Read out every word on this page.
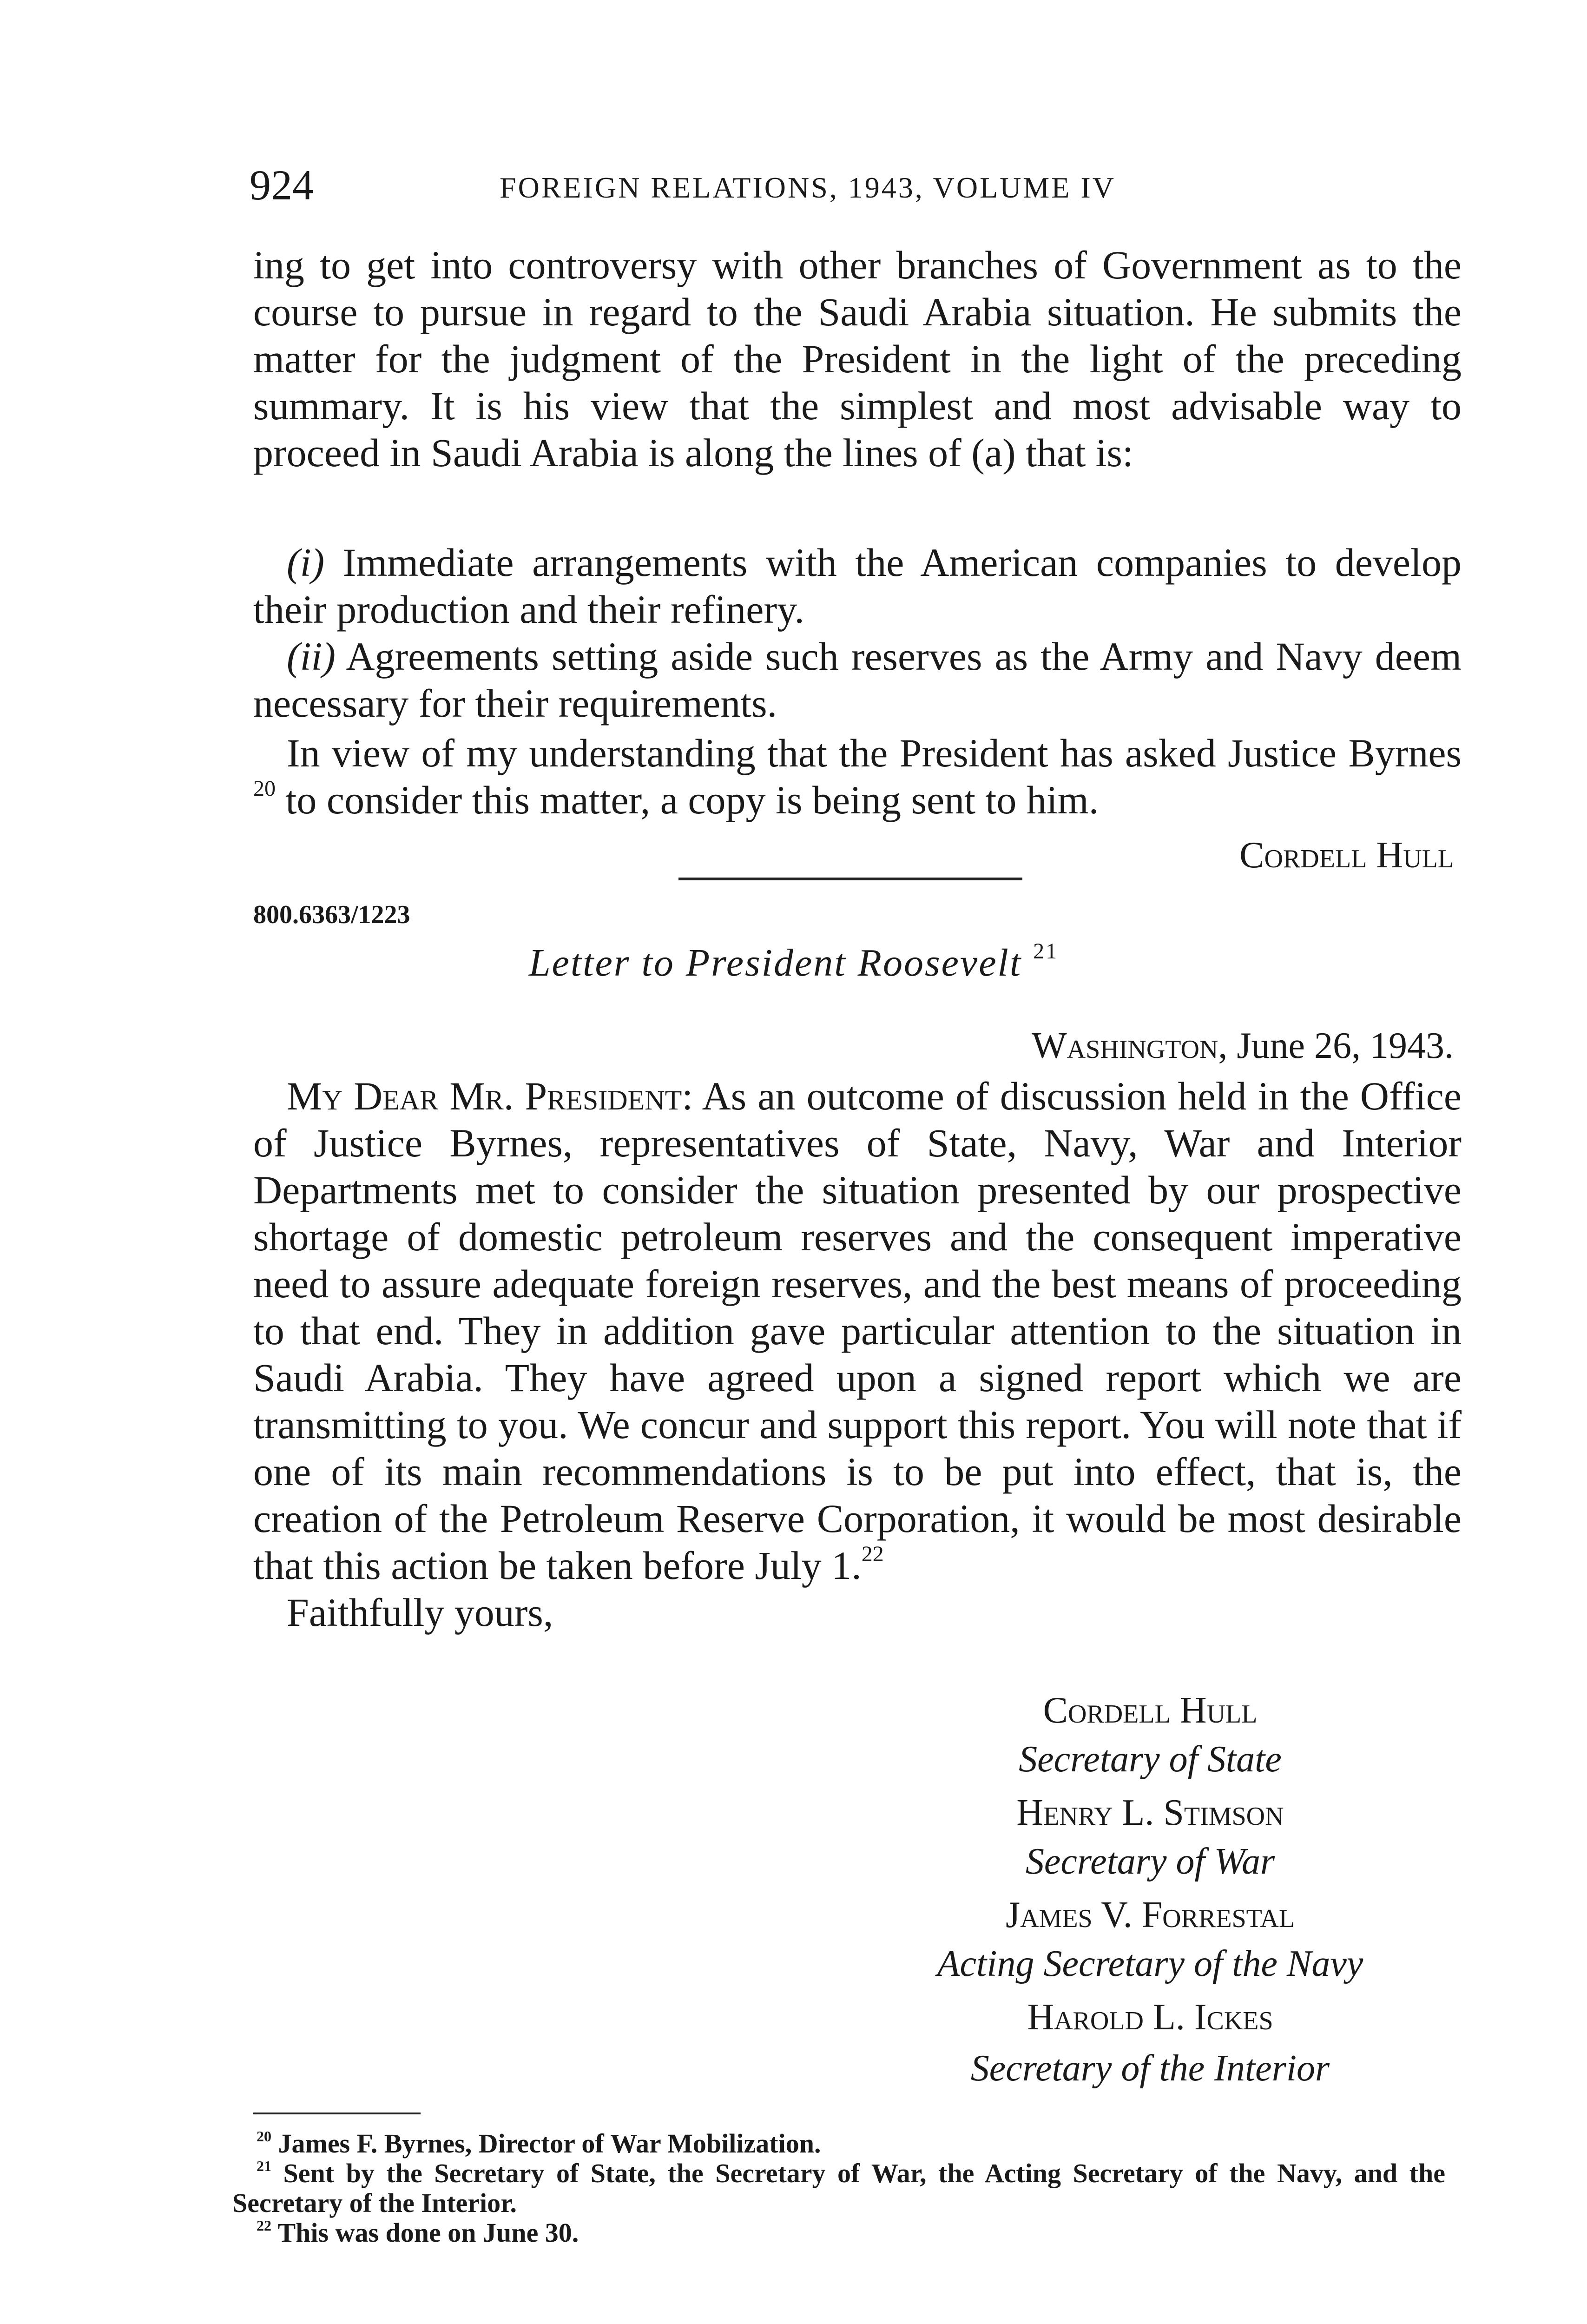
924	FOREIGN RELATIONS, 1943, VOLUME IV

ing to get into controversy with other branches of Government as to the course to pursue in regard to the Saudi Arabia situation. He submits the matter for the judgment of the President in the light of the preceding summary. It is his view that the simplest and most advisable way to proceed in Saudi Arabia is along the lines of (a) that is:

(i) Immediate arrangements with the American companies to develop their production and their refinery.

(ii) Agreements setting aside such reserves as the Army and Navy deem necessary for their requirements.

In view of my understanding that the President has asked Justice Byrnes $^{20}$ to consider this matter, a copy is being sent to him.

Cordell Hull
800.6363/1223
Letter to President Roosevelt $^{21}$
Washington, June 26, 1943.

My Dear Mr. President: As an outcome of discussion held in the Office of Justice Byrnes, representatives of State, Navy, War and Interior Departments met to consider the situation presented by our prospective shortage of domestic petroleum reserves and the consequent imperative need to assure adequate foreign reserves, and the best means of proceeding to that end. They in addition gave particular attention to the situation in Saudi Arabia. They have agreed upon a signed report which we are transmitting to you. We concur and support this report. You will note that if one of its main recommendations is to be put into effect, that is, the creation of the Petroleum Reserve Corporation, it would be most desirable that this action be taken before July 1.22

Faithfully yours,

Cordell Hull
Secretary of State
Henry L. Stimson
Secretary of War
James V. Forrestal
Acting Secretary of the Navy
Harold L. Ickes
Secretary of the Interior

$^{20}$ James F. Byrnes, Director of War Mobilization.

$^{21}$ Sent by the Secretary of State, the Secretary of War, the Acting Secretary of the Navy, and the Secretary of the Interior.

$^{22}$ This was done on June 30.
